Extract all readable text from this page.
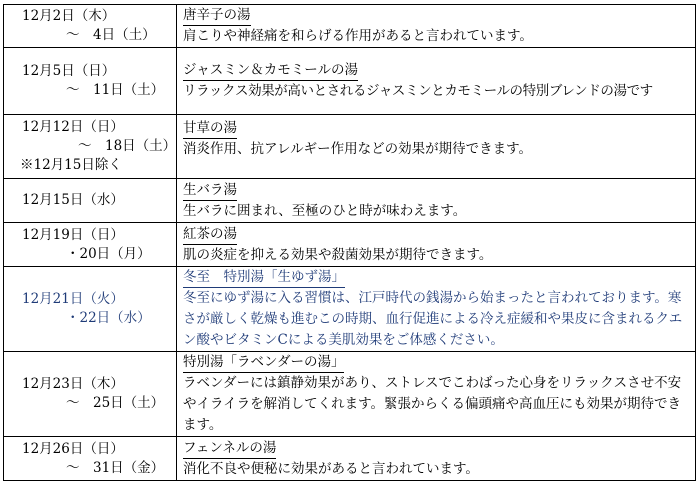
12月2日（木）
～　4日（土）	唐辛子の湯
肩こりや神経痛を和らげる作用があると言われています。

12月5日（日）
～　11日（土）	ジャスミン＆カモミールの湯
リラックス効果が高いとされるジャスミンとカモミールの特別ブレンドの湯です

12月12日（日）
～　18日（土）
※12月15日除く	甘草の湯
消炎作用、抗アレルギー作用などの効果が期待できます。

12月15日（水）	生バラ湯
生バラに囲まれ、至極のひと時が味わえます。

12月19日（日）
・20日（月）	紅茶の湯
肌の炎症を抑える効果や殺菌効果が期待できます。

12月21日（火）
・22日（水）	冬至　特別湯「生ゆず湯」
冬至にゆず湯に入る習慣は、江戸時代の銭湯から始まったと言われております。寒さが厳しく乾燥も進むこの時期、血行促進による冷え症緩和や果皮に含まれるクエン酸やビタミンCによる美肌効果をご体感ください。

12月23日（木）
～　25日（土）	特別湯「ラベンダーの湯」
ラベンダーには鎮静効果があり、ストレスでこわばった心身をリラックスさせ不安やイライラを解消してくれます。緊張からくる偏頭痛や高血圧にも効果が期待できます。

12月26日（日）
～　31日（金）	フェンネルの湯
消化不良や便秘に効果があると言われています。
